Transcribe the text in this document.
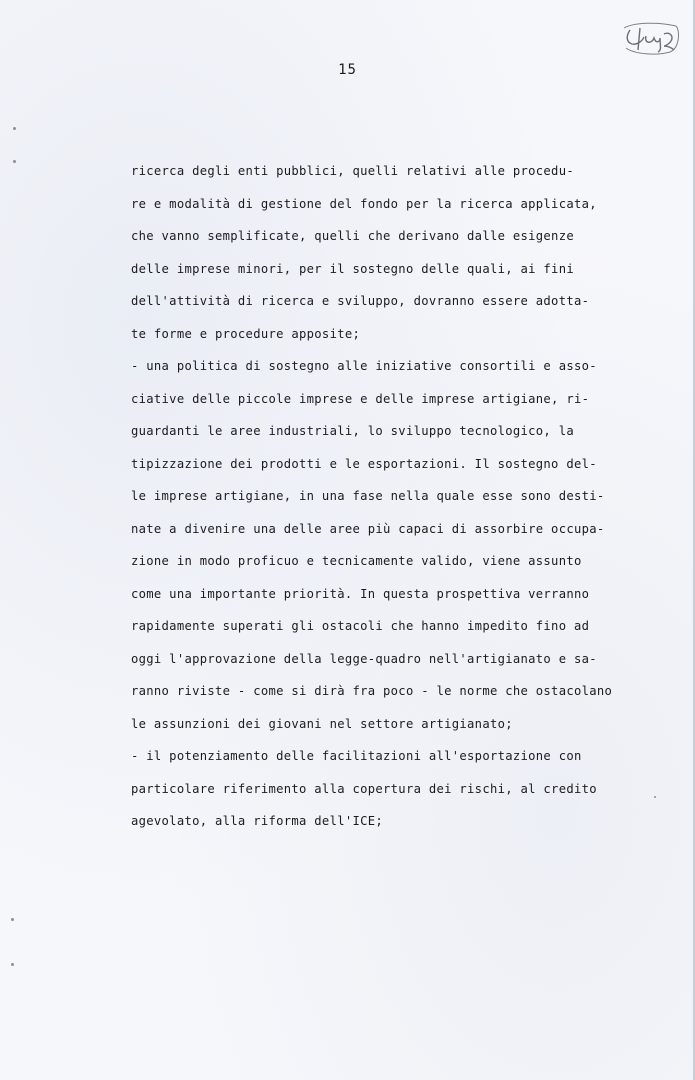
15
ricerca degli enti pubblici, quelli relativi alle procedu-
re e modalità di gestione del fondo per la ricerca applicata,
che vanno semplificate, quelli che derivano dalle esigenze
delle imprese minori, per il sostegno delle quali, ai fini
dell'attività di ricerca e sviluppo, dovranno essere adotta-
te forme e procedure apposite;
- una politica di sostegno alle iniziative consortili e asso-
ciative delle piccole imprese e delle imprese artigiane, ri-
guardanti le aree industriali, lo sviluppo tecnologico, la
tipizzazione dei prodotti e le esportazioni. Il sostegno del-
le imprese artigiane, in una fase nella quale esse sono desti-
nate a divenire una delle aree più capaci di assorbire occupa-
zione in modo proficuo e tecnicamente valido, viene assunto
come una importante priorità. In questa prospettiva verranno
rapidamente superati gli ostacoli che hanno impedito fino ad
oggi l'approvazione della legge-quadro nell'artigianato e sa-
ranno riviste - come si dirà fra poco - le norme che ostacolano
le assunzioni dei giovani nel settore artigianato;
- il potenziamento delle facilitazioni all'esportazione con
particolare riferimento alla copertura dei rischi, al credito
agevolato, alla riforma dell'ICE;
